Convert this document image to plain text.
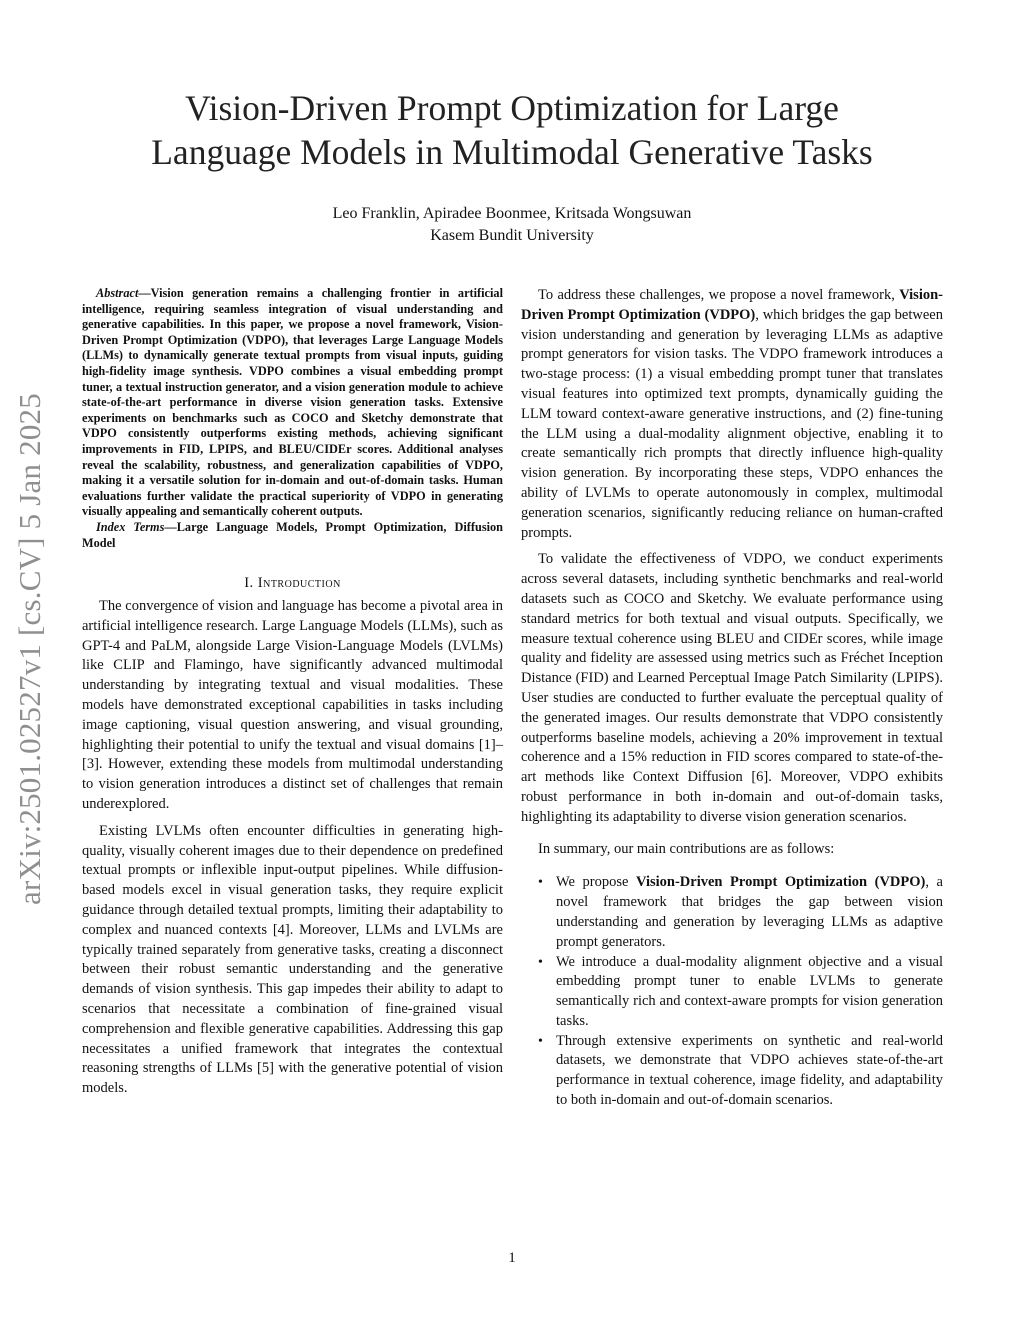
Vision-Driven Prompt Optimization for Large
Language Models in Multimodal Generative Tasks
Leo Franklin, Apiradee Boonmee, Kritsada Wongsuwan
Kasem Bundit University
arXiv:2501.02527v1 [cs.CV] 5 Jan 2025

Abstract—Vision generation remains a challenging frontier in artificial intelligence, requiring seamless integration of visual understanding and generative capabilities. In this paper, we propose a novel framework, Vision-Driven Prompt Optimization (VDPO), that leverages Large Language Models (LLMs) to dynamically generate textual prompts from visual inputs, guiding high-fidelity image synthesis. VDPO combines a visual embedding prompt tuner, a textual instruction generator, and a vision generation module to achieve state-of-the-art performance in diverse vision generation tasks. Extensive experiments on benchmarks such as COCO and Sketchy demonstrate that VDPO consistently outperforms existing methods, achieving significant improvements in FID, LPIPS, and BLEU/CIDEr scores. Additional analyses reveal the scalability, robustness, and generalization capabilities of VDPO, making it a versatile solution for in-domain and out-of-domain tasks. Human evaluations further validate the practical superiority of VDPO in generating visually appealing and semantically coherent outputs.

Index Terms—Large Language Models, Prompt Optimization, Diffusion Model

I. Introduction

The convergence of vision and language has become a pivotal area in artificial intelligence research. Large Language Models (LLMs), such as GPT-4 and PaLM, alongside Large Vision-Language Models (LVLMs) like CLIP and Flamingo, have significantly advanced multimodal understanding by integrating textual and visual modalities. These models have demonstrated exceptional capabilities in tasks including image captioning, visual question answering, and visual grounding, highlighting their potential to unify the textual and visual domains [1]–[3]. However, extending these models from multimodal understanding to vision generation introduces a distinct set of challenges that remain underexplored.

Existing LVLMs often encounter difficulties in generating high-quality, visually coherent images due to their dependence on predefined textual prompts or inflexible input-output pipelines. While diffusion-based models excel in visual generation tasks, they require explicit guidance through detailed textual prompts, limiting their adaptability to complex and nuanced contexts [4]. Moreover, LLMs and LVLMs are typically trained separately from generative tasks, creating a disconnect between their robust semantic understanding and the generative demands of vision synthesis. This gap impedes their ability to adapt to scenarios that necessitate a combination of fine-grained visual comprehension and flexible generative capabilities. Addressing this gap necessitates a unified framework that integrates the contextual reasoning strengths of LLMs [5] with the generative potential of vision models.

To address these challenges, we propose a novel framework, Vision-Driven Prompt Optimization (VDPO), which bridges the gap between vision understanding and generation by leveraging LLMs as adaptive prompt generators for vision tasks. The VDPO framework introduces a two-stage process: (1) a visual embedding prompt tuner that translates visual features into optimized text prompts, dynamically guiding the LLM toward context-aware generative instructions, and (2) fine-tuning the LLM using a dual-modality alignment objective, enabling it to create semantically rich prompts that directly influence high-quality vision generation. By incorporating these steps, VDPO enhances the ability of LVLMs to operate autonomously in complex, multimodal generation scenarios, significantly reducing reliance on human-crafted prompts.

To validate the effectiveness of VDPO, we conduct experiments across several datasets, including synthetic benchmarks and real-world datasets such as COCO and Sketchy. We evaluate performance using standard metrics for both textual and visual outputs. Specifically, we measure textual coherence using BLEU and CIDEr scores, while image quality and fidelity are assessed using metrics such as Fréchet Inception Distance (FID) and Learned Perceptual Image Patch Similarity (LPIPS). User studies are conducted to further evaluate the perceptual quality of the generated images. Our results demonstrate that VDPO consistently outperforms baseline models, achieving a 20% improvement in textual coherence and a 15% reduction in FID scores compared to state-of-the-art methods like Context Diffusion [6]. Moreover, VDPO exhibits robust performance in both in-domain and out-of-domain tasks, highlighting its adaptability to diverse vision generation scenarios.

In summary, our main contributions are as follows:

• We propose Vision-Driven Prompt Optimization (VDPO), a novel framework that bridges the gap between vision understanding and generation by leveraging LLMs as adaptive prompt generators.
• We introduce a dual-modality alignment objective and a visual embedding prompt tuner to enable LVLMs to generate semantically rich and context-aware prompts for vision generation tasks.
• Through extensive experiments on synthetic and real-world datasets, we demonstrate that VDPO achieves state-of-the-art performance in textual coherence, image fidelity, and adaptability to both in-domain and out-of-domain scenarios.
1
